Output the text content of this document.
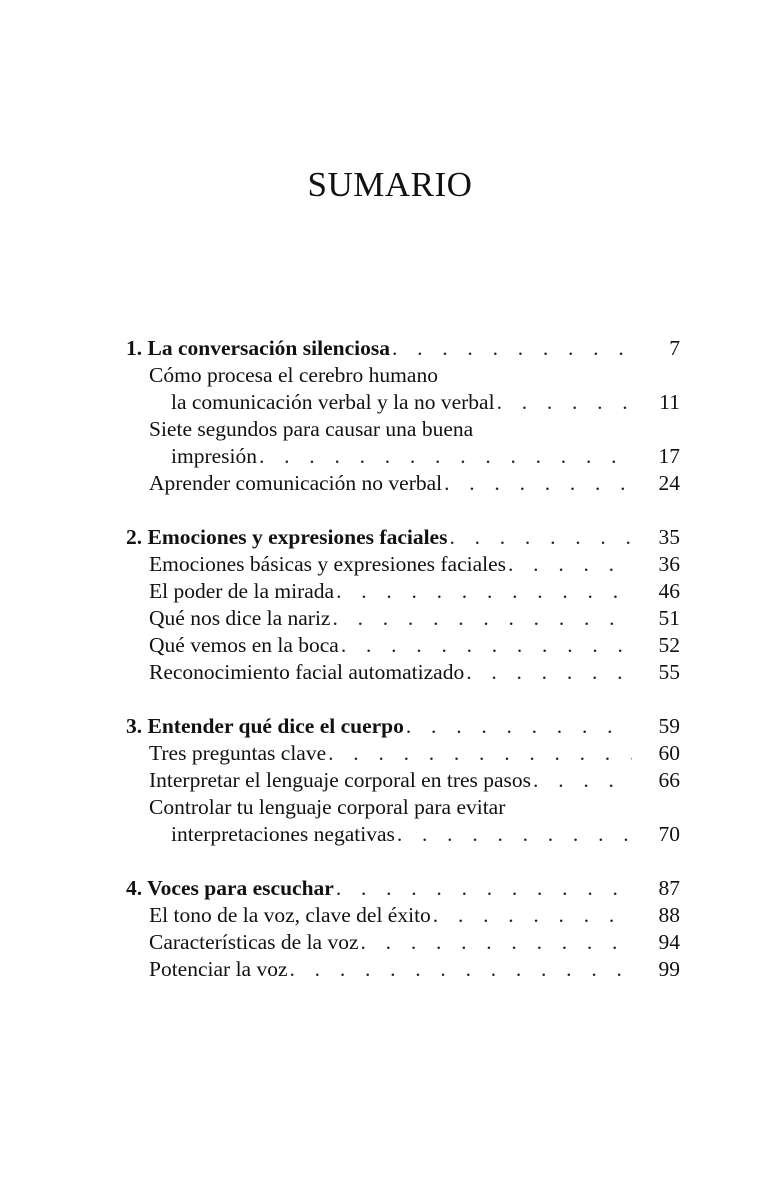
SUMARIO
1. La conversación silenciosa . . .	7
Cómo procesa el cerebro humano
la comunicación verbal y la no verbal . . .	11
Siete segundos para causar una buena
impresión . . .	17
Aprender comunicación no verbal . . .	24
2. Emociones y expresiones faciales . . .	35
Emociones básicas y expresiones faciales . . .	36
El poder de la mirada . . .	46
Qué nos dice la nariz . . .	51
Qué vemos en la boca . . .	52
Reconocimiento facial automatizado . . .	55
3. Entender qué dice el cuerpo . . .	59
Tres preguntas clave . . .	60
Interpretar el lenguaje corporal en tres pasos . . .	66
Controlar tu lenguaje corporal para evitar
interpretaciones negativas . . .	70
4. Voces para escuchar . . .	87
El tono de la voz, clave del éxito . . .	88
Características de la voz . . .	94
Potenciar la voz . . .	99
